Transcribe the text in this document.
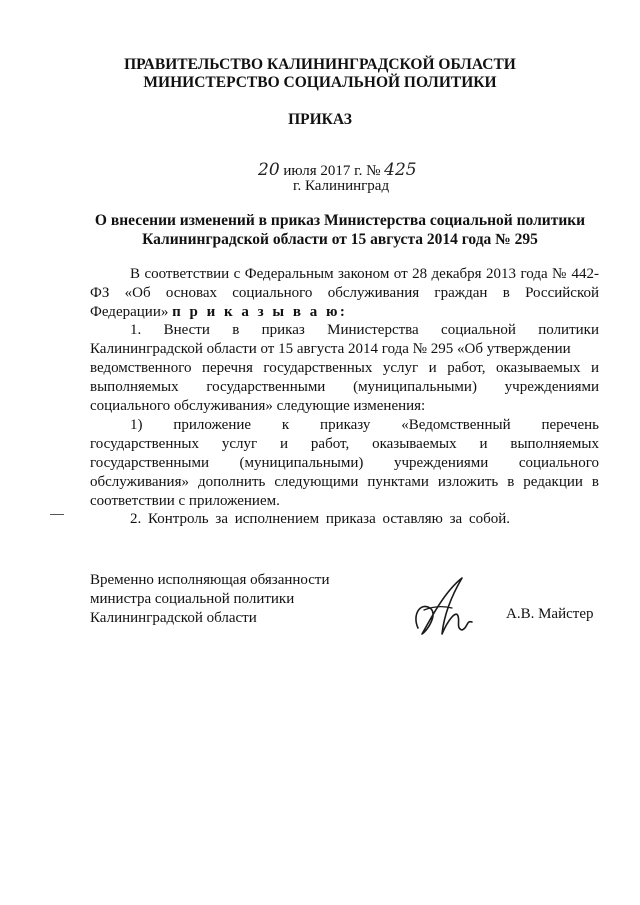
ПРАВИТЕЛЬСТВО КАЛИНИНГРАДСКОЙ ОБЛАСТИ
МИНИСТЕРСТВО СОЦИАЛЬНОЙ ПОЛИТИКИ
ПРИКАЗ
20 июля 2017 г. № 425
г. Калининград
О внесении изменений в приказ Министерства социальной политики
Калининградской области от 15 августа 2014 года № 295
В соответствии с Федеральным законом от 28 декабря 2013 года № 442-
ФЗ «Об основах социального обслуживания граждан в Российской
Федерации» п р и к а з ы в а ю:
1. Внести в приказ Министерства социальной политики
Калининградской области от 15 августа 2014 года № 295 «Об утверждении
ведомственного перечня государственных услуг и работ, оказываемых и
выполняемых государственными (муниципальными) учреждениями
социального обслуживания» следующие изменения:
1) приложение к приказу «Ведомственный перечень
государственных услуг и работ, оказываемых и выполняемых
государственными (муниципальными) учреждениями социального
обслуживания» дополнить следующими пунктами изложить в редакции в
соответствии с приложением.
2. Контроль за исполнением приказа оставляю за собой.
Временно исполняющая обязанности
министра социальной политики
Калининградской области	А.В. Майстер
